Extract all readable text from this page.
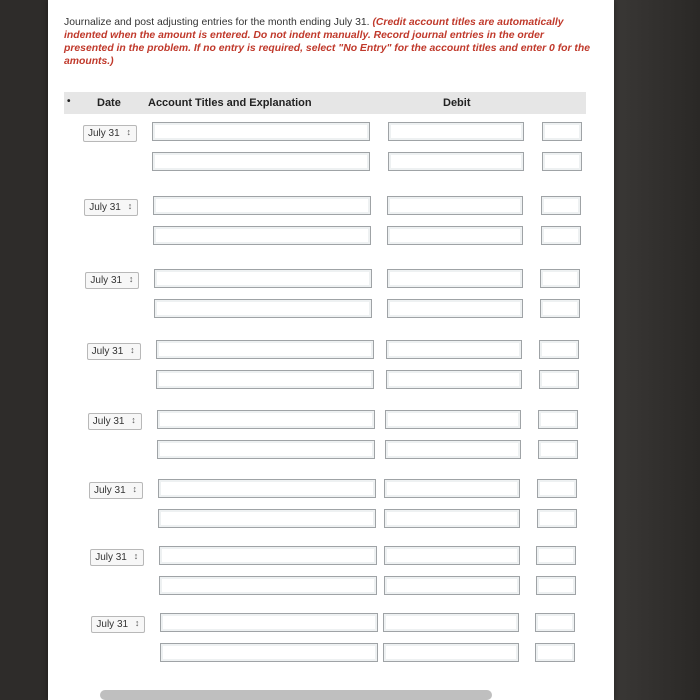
Journalize and post adjusting entries for the month ending July 31. (Credit account titles are automatically indented when the amount is entered. Do not indent manually. Record journal entries in the order presented in the problem. If no entry is required, select "No Entry" for the account titles and enter 0 for the amounts.)
• Date Account Titles and Explanation	Debit
July 31 ↕
July 31 ↕
July 31 ↕
July 31 ↕
July 31 ↕
July 31 ↕
July 31 ↕
July 31 ↕
